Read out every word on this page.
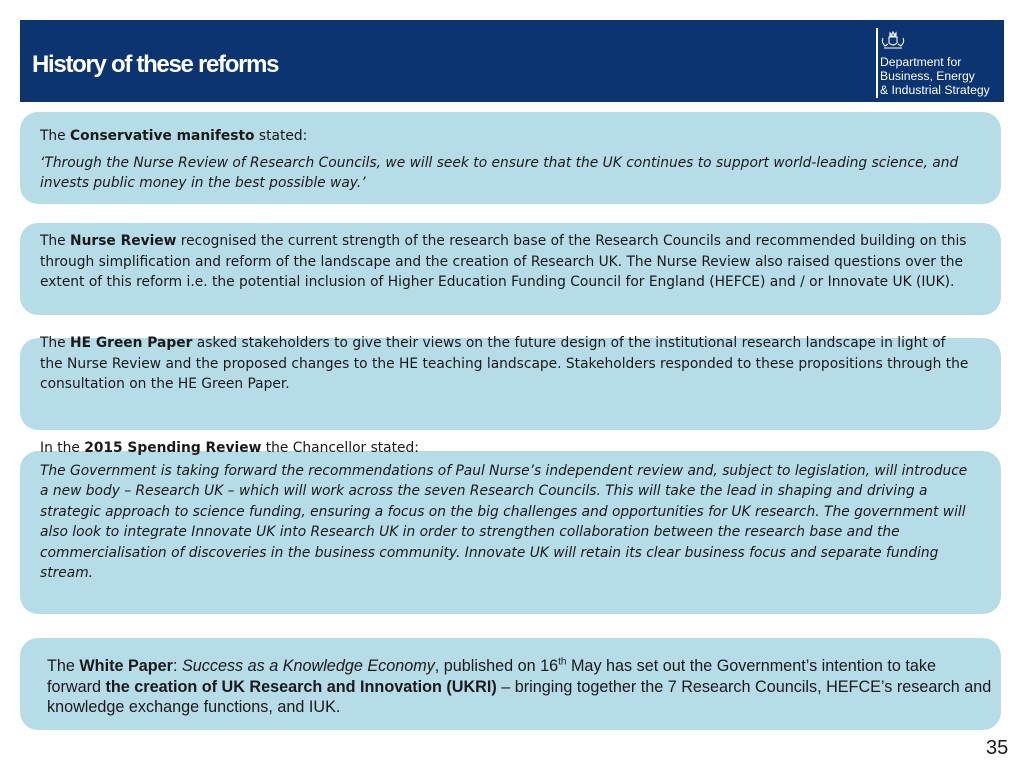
History of these reforms	Department for
Business, Energy
& Industrial Strategy

The Conservative manifesto stated:

‘Through the Nurse Review of Research Councils, we will seek to ensure that the UK continues to support world-leading science, and invests public money in the best possible way.’

The Nurse Review recognised the current strength of the research base of the Research Councils and recommended building on this through simplification and reform of the landscape and the creation of Research UK. The Nurse Review also raised questions over the extent of this reform i.e. the potential inclusion of Higher Education Funding Council for England (HEFCE) and / or Innovate UK (IUK).

The HE Green Paper asked stakeholders to give their views on the future design of the institutional research landscape in light of the Nurse Review and the proposed changes to the HE teaching landscape. Stakeholders responded to these propositions through the consultation on the HE Green Paper.

In the 2015 Spending Review the Chancellor stated:

The Government is taking forward the recommendations of Paul Nurse’s independent review and, subject to legislation, will introduce a new body – Research UK – which will work across the seven Research Councils. This will take the lead in shaping and driving a strategic approach to science funding, ensuring a focus on the big challenges and opportunities for UK research. The government will also look to integrate Innovate UK into Research UK in order to strengthen collaboration between the research base and the commercialisation of discoveries in the business community. Innovate UK will retain its clear business focus and separate funding stream.

The White Paper: Success as a Knowledge Economy, published on 16th May has set out the Government’s intention to take forward the creation of UK Research and Innovation (UKRI) – bringing together the 7 Research Councils, HEFCE’s research and knowledge exchange functions, and IUK.

35
